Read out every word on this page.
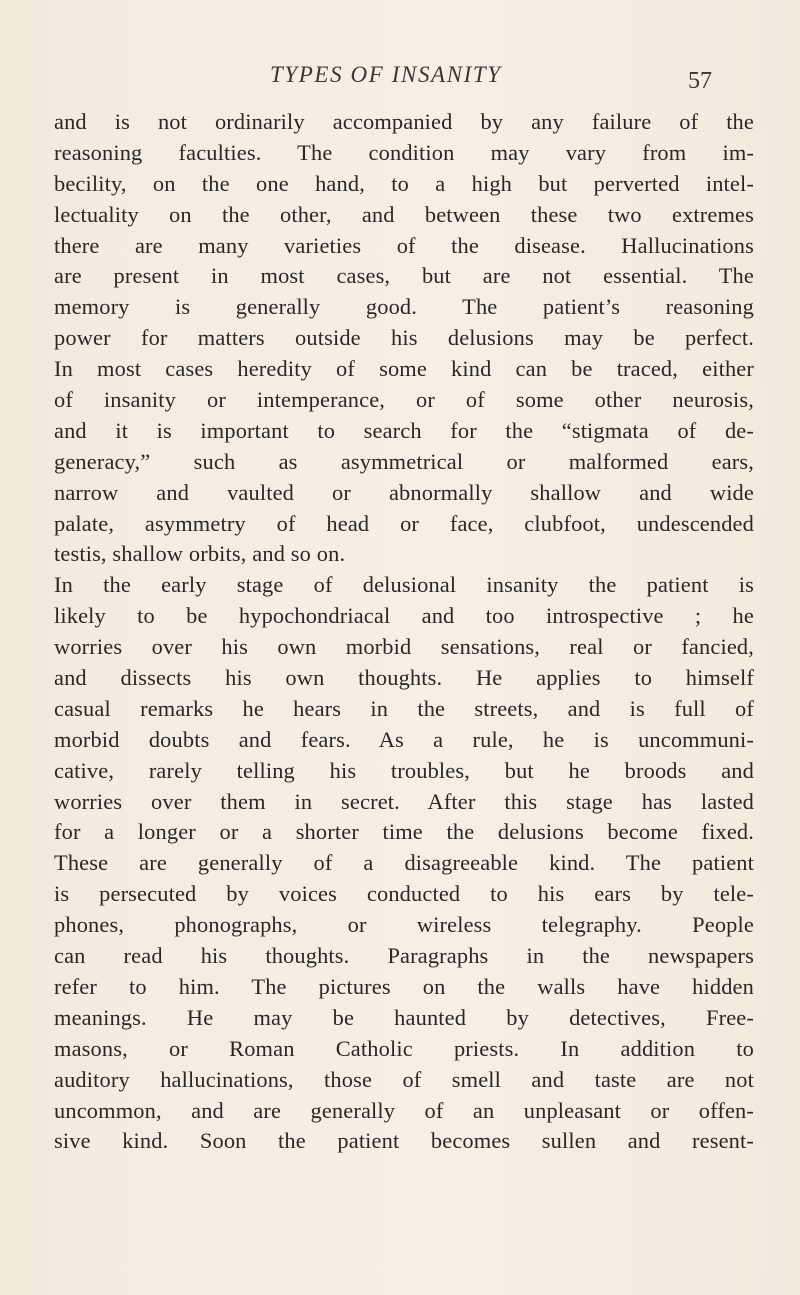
TYPES OF INSANITY	57
and is not ordinarily accompanied by any failure of the
reasoning faculties. The condition may vary from im-
becility, on the one hand, to a high but perverted intel-
lectuality on the other, and between these two extremes
there are many varieties of the disease. Hallucinations
are present in most cases, but are not essential. The
memory is generally good. The patient’s reasoning
power for matters outside his delusions may be perfect.
In most cases heredity of some kind can be traced, either
of insanity or intemperance, or of some other neurosis,
and it is important to search for the “stigmata of de-
generacy,” such as asymmetrical or malformed ears,
narrow and vaulted or abnormally shallow and wide
palate, asymmetry of head or face, clubfoot, undescended
testis, shallow orbits, and so on.
In the early stage of delusional insanity the patient is
likely to be hypochondriacal and too introspective ; he
worries over his own morbid sensations, real or fancied,
and dissects his own thoughts. He applies to himself
casual remarks he hears in the streets, and is full of
morbid doubts and fears. As a rule, he is uncommuni-
cative, rarely telling his troubles, but he broods and
worries over them in secret. After this stage has lasted
for a longer or a shorter time the delusions become fixed.
These are generally of a disagreeable kind. The patient
is persecuted by voices conducted to his ears by tele-
phones, phonographs, or wireless telegraphy. People
can read his thoughts. Paragraphs in the newspapers
refer to him. The pictures on the walls have hidden
meanings. He may be haunted by detectives, Free-
masons, or Roman Catholic priests. In addition to
auditory hallucinations, those of smell and taste are not
uncommon, and are generally of an unpleasant or offen-
sive kind. Soon the patient becomes sullen and resent-
